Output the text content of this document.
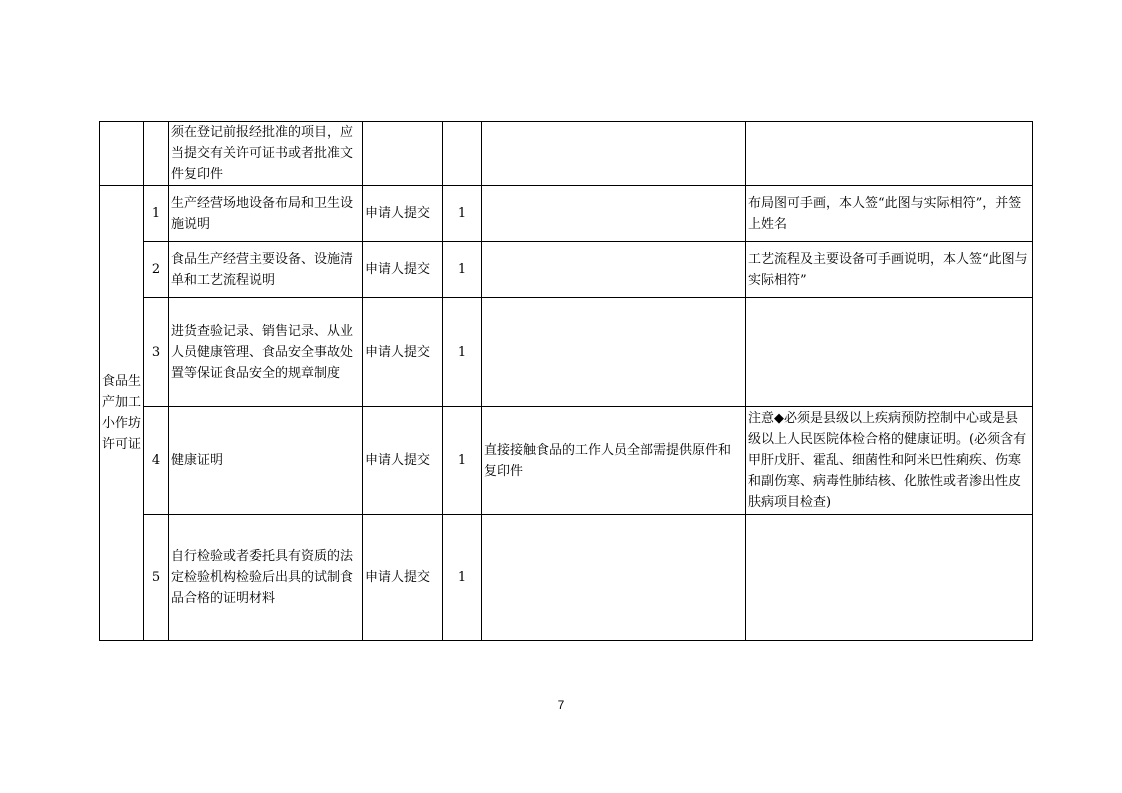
		须在登记前报经批准的项目，应当提交有关许可证书或者批准文件复印件				
食品生产加工小作坊许可证	1	生产经营场地设备布局和卫生设施说明	申请人提交	1		布局图可手画，本人签“此图与实际相符”，并签上姓名
	2	食品生产经营主要设备、设施清单和工艺流程说明	申请人提交	1		工艺流程及主要设备可手画说明，本人签“此图与实际相符”
	3	进货查验记录、销售记录、从业人员健康管理、食品安全事故处置等保证食品安全的规章制度	申请人提交	1		
	4	健康证明	申请人提交	1	直接接触食品的工作人员全部需提供原件和复印件	注意◆必须是县级以上疾病预防控制中心或是县级以上人民医院体检合格的健康证明。(必须含有甲肝戊肝、霍乱、细菌性和阿米巴性痢疾、伤寒和副伤寒、病毒性肺结核、化脓性或者渗出性皮肤病项目检查)
	5	自行检验或者委托具有资质的法定检验机构检验后出具的试制食品合格的证明材料	申请人提交	1		
7
